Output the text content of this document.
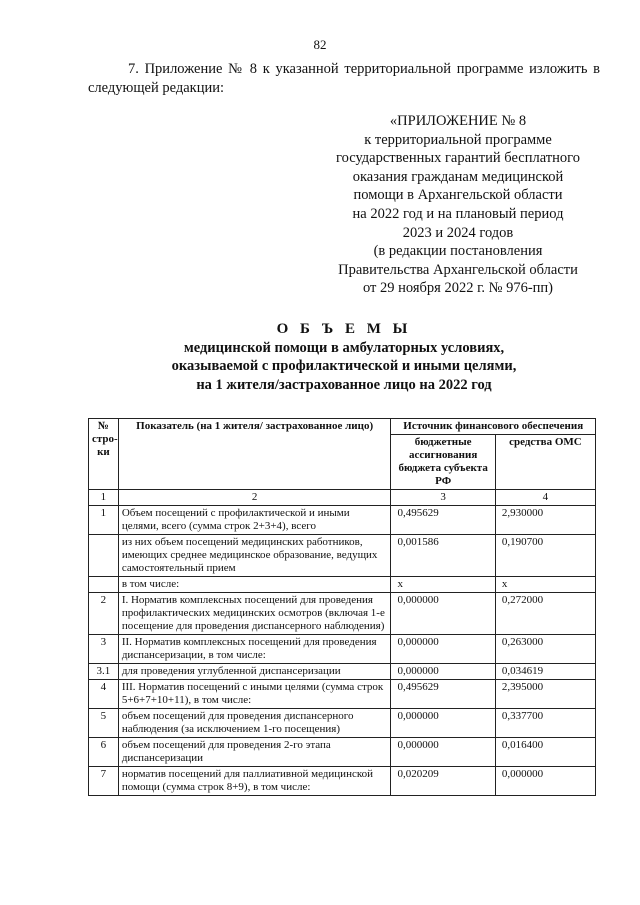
82
7. Приложение № 8 к указанной территориальной программе изложить в следующей редакции:
«ПРИЛОЖЕНИЕ № 8
к территориальной программе
государственных гарантий бесплатного
оказания гражданам медицинской
помощи в Архангельской области
на 2022 год и на плановый период
2023 и 2024 годов
(в редакции постановления
Правительства Архангельской области
от 29 ноября 2022 г. № 976-пп)
О Б Ъ Е М Ы
медицинской помощи в амбулаторных условиях,
оказываемой с профилактической и иными целями,
на 1 жителя/застрахованное лицо на 2022 год
№ стро-ки	Показатель (на 1 жителя/ застрахованное лицо)	Источник финансового обеспечения	
		бюджетные ассигнования бюджета субъекта РФ	средства ОМС
1	2	3	4
1	Объем посещений с профилактической и иными целями, всего (сумма строк 2+3+4), всего	0,495629	2,930000
	из них объем посещений медицинских работников, имеющих среднее медицинское образование, ведущих самостоятельный прием	0,001586	0,190700
	в том числе:	х	х
2	I. Норматив комплексных посещений для проведения профилактических медицинских осмотров (включая 1-е посещение для проведения диспансерного наблюдения)	0,000000	0,272000
3	II. Норматив комплексных посещений для проведения диспансеризации, в том числе:	0,000000	0,263000
3.1	для проведения углубленной диспансеризации	0,000000	0,034619
4	III. Норматив посещений с иными целями (сумма строк 5+6+7+10+11), в том числе:	0,495629	2,395000
5	объем посещений для проведения диспансерного наблюдения (за исключением 1-го посещения)	0,000000	0,337700
6	объем посещений для проведения 2-го этапа диспансеризации	0,000000	0,016400
7	норматив посещений для паллиативной медицинской помощи (сумма строк 8+9), в том числе:	0,020209	0,000000
